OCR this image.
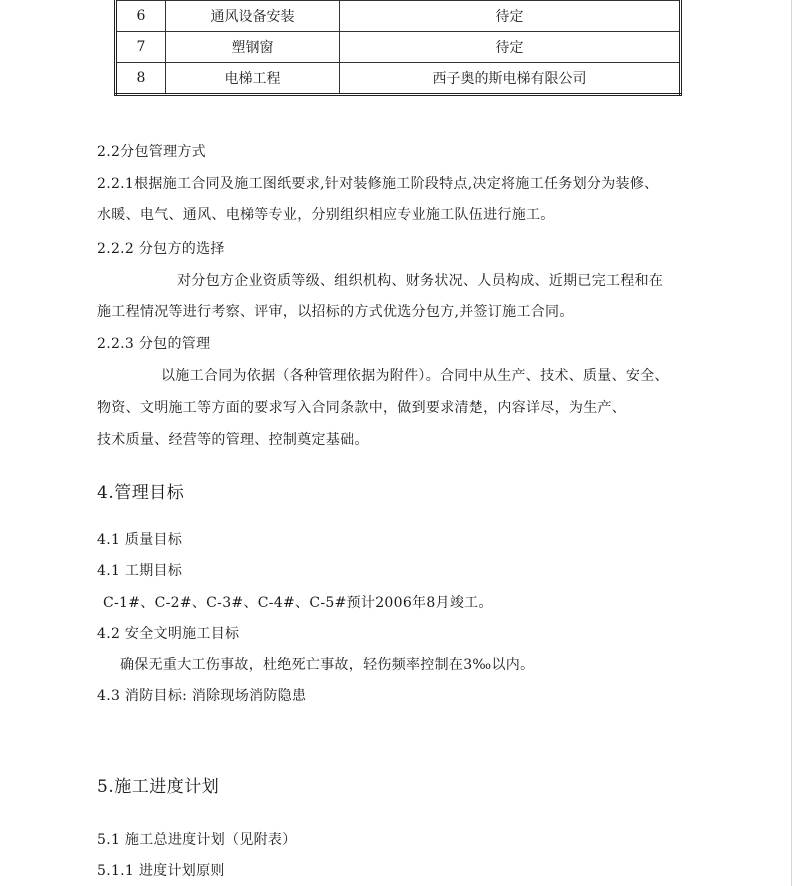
6	通风设备安装	待定
7	塑钢窗	待定
8	电梯工程	西子奥的斯电梯有限公司
2.2分包管理方式
2.2.1根据施工合同及施工图纸要求,针对装修施工阶段特点,决定将施工任务划分为装修、
水暖、电气、通风、电梯等专业，分别组织相应专业施工队伍进行施工。
2.2.2 分包方的选择
对分包方企业资质等级、组织机构、财务状况、人员构成、近期已完工程和在
施工程情况等进行考察、评审，以招标的方式优选分包方,并签订施工合同。
2.2.3 分包的管理
以施工合同为依据（各种管理依据为附件）。合同中从生产、技术、质量、安全、
物资、文明施工等方面的要求写入合同条款中，做到要求清楚，内容详尽，为生产、
技术质量、经营等的管理、控制奠定基础。
4.管理目标
4.1 质量目标
4.1 工期目标
C-1#、C-2#、C-3#、C-4#、C-5#预计2006年8月竣工。
4.2 安全文明施工目标
确保无重大工伤事故，杜绝死亡事故，轻伤频率控制在3‰以内。
4.3 消防目标: 消除现场消防隐患
5.施工进度计划
5.1 施工总进度计划（见附表）
5.1.1 进度计划原则
